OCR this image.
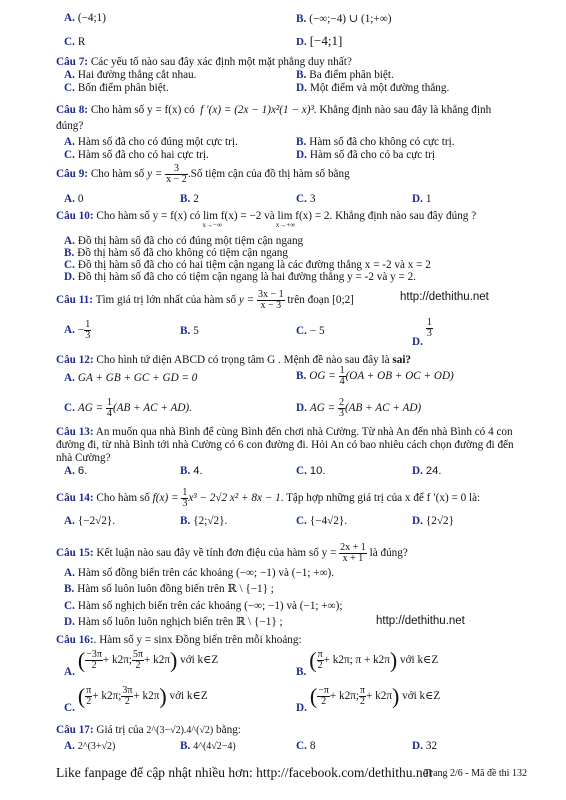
A. (−4;1)	B. (−∞;−4) ∪ (1;+∞)
C. R	D. [−4;1]
Câu 7: Các yếu tố nào sau đây xác định một mặt phẳng duy nhất?
A. Hai đường thẳng cắt nhau.	B. Ba điểm phân biệt.
C. Bốn điểm phân biệt.	D. Một điểm và một đường thẳng.
Câu 8: Cho hàm số y = f(x) có f ′(x) = (2x − 1)x²(1 − x)³. Khẳng định nào sau đây là khẳng định
đúng?
A. Hàm số đã cho có đúng một cực trị.	B. Hàm số đã cho không có cực trị.
C. Hàm số đã cho có hai cực trị.	D. Hàm số đã cho có ba cực trị
Câu 9: Cho hàm số $y = \frac{3}{x - 2}$ .Số tiệm cận của đồ thị hàm số bằng
A. 0	B. 2	C. 3	D. 1
Câu 10: Cho hàm số y = f(x) có lim f(x) = −2
$^{x\to-\infty}$ và lim f(x) = 2
$^{x\to+\infty}$. Khẳng định nào sau đây đúng ?
A. Đồ thị hàm số đã cho có đúng một tiệm cận ngang
B. Đồ thị hàm số đã cho không có tiệm cận ngang
C. Đồ thị hàm số đã cho có hai tiệm cận ngang là các đường thẳng x = -2 và x = 2
D. Đồ thị hàm số đã cho có tiệm cận ngang là hai đường thẳng y = -2 và y = 2.
Câu 11: Tìm giá trị lớn nhất của hàm số $y = \frac{3x - 1}{x - 3}$ trên đoạn [0;2]	http://dethithu.net
A. − $\frac{1}{3}$	B. 5	C. − 5
D.
$\frac{1}{3}$
Câu 12: Cho hình tứ diện ABCD có trọng tâm G . Mệnh đề nào sau đây là sai?
A. GA + GB + GC + GD = 0	B. OG = $\frac{1}{4} (OA$ + OB + OC + OD)
C. AG = $\frac{1}{4} (AB$ + AC + AD).	D. AG = $\frac{2}{3} (AB$ + AC + AD)
Câu 13: An muốn qua nhà Bình để cùng Bình đến chơi nhà Cường. Từ nhà An đến nhà Bình có 4 con
đường đi, từ nhà Bình tới nhà Cường có 6 con đường đi. Hỏi An có bao nhiêu cách chọn đường đi đến
nhà Cường?
A. 6.	B. 4.	C. 10.	D. 24.
Câu 14: Cho hàm số $f(x) = \frac{1}{3} x^3 - 2√2$ x² + 8x − 1. Tập hợp những giá trị của x để f ′(x) = 0 là:
A. {−2√2}.	B. {2;√2}.	C. {−4√2}.	D. {2√2}
Câu 15: Kết luận nào sau đây về tính đơn điệu của hàm số $y = \frac{2x + 1}{x + 1}$ là đúng?
A. Hàm số đồng biến trên các khoảng (−∞; −1) và (−1; +∞).
B. Hàm số luôn luôn đồng biến trên ℝ \ {−1} ;
C. Hàm số nghịch biến trên các khoảng (−∞; −1) và (−1; +∞);
D. Hàm số luôn luôn nghịch biến trên ℝ \ {−1} ;	http://dethithu.net
Câu 16:. Hàm số y = sinx Đồng biến trên mỗi khoảng:
A. ( $\frac{-3\pi}{2} + k2\pi$; $\frac{5\pi}{2} + k2\pi$) với k∈Z
B. ( $\frac{\pi}{2} + k2\pi$; π + k2π) với k∈Z
C. ( $\frac{\pi}{2} + k2\pi$; $\frac{3\pi}{2} + k2\pi$) với k∈Z
D. ( $\frac{-\pi}{2} + k2\pi$; $\frac{\pi}{2} + k2\pi$) với k∈Z
Câu 17: Giá trị của 2^(3−√2).4^(√2) bằng:
A. 2^(3+√2)	B. 4^(4√2−4)	C. 8	D. 32
Like fanpage để cập nhật nhiều hơn: http://facebook.com/dethithu.net
Trang 2/6 - Mã đề thi 132
